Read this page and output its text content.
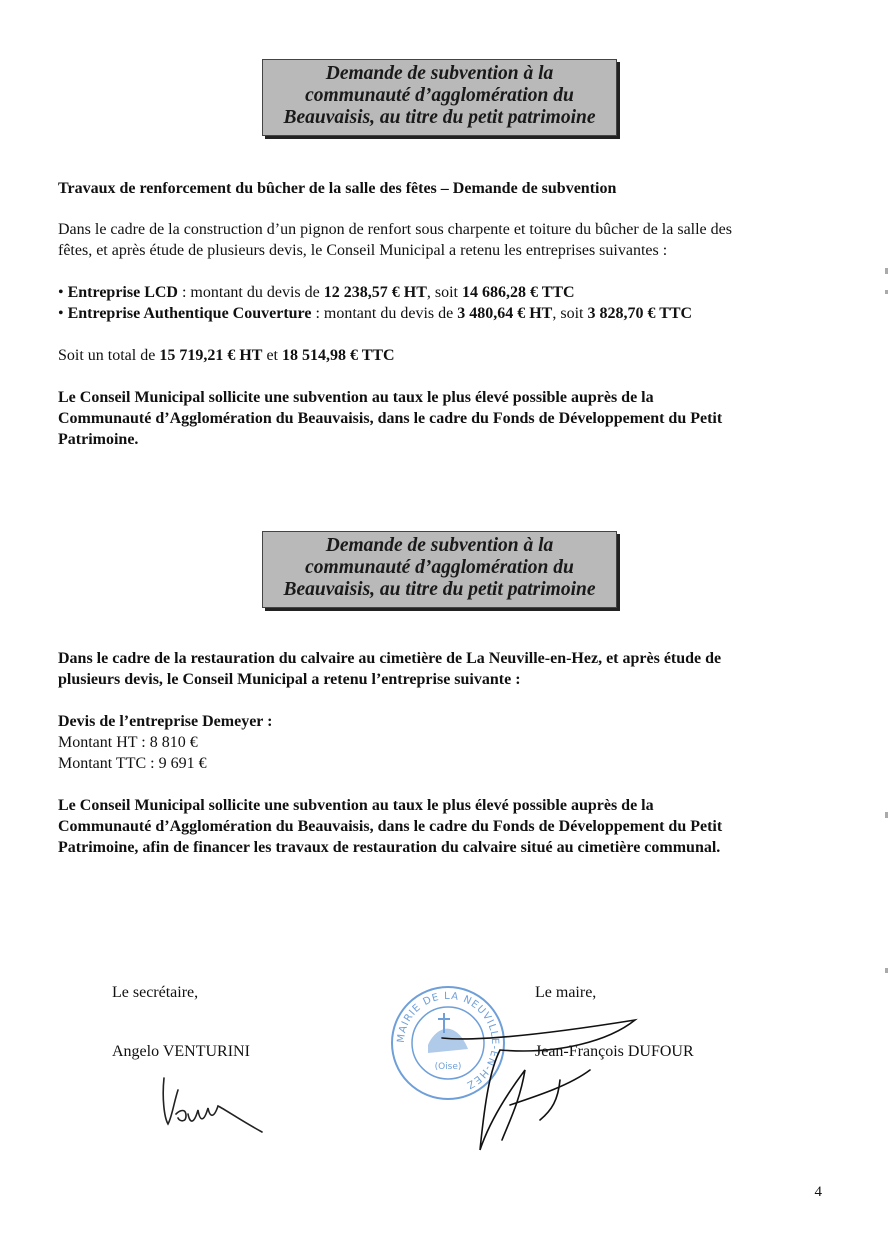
Demande de subvention à la
communauté d’agglomération du
Beauvaisis, au titre du petit patrimoine

Travaux de renforcement du bûcher de la salle des fêtes – Demande de subvention

Dans le cadre de la construction d’un pignon de renfort sous charpente et toiture du bûcher de la salle des
fêtes, et après étude de plusieurs devis, le Conseil Municipal a retenu les entreprises suivantes :

• Entreprise LCD : montant du devis de 12 238,57 € HT, soit 14 686,28 € TTC

• Entreprise Authentique Couverture : montant du devis de 3 480,64 € HT, soit 3 828,70 € TTC

Soit un total de 15 719,21 € HT et 18 514,98 € TTC

Le Conseil Municipal sollicite une subvention au taux le plus élevé possible auprès de la
Communauté d’Agglomération du Beauvaisis, dans le cadre du Fonds de Développement du Petit
Patrimoine.

Demande de subvention à la
communauté d’agglomération du
Beauvaisis, au titre du petit patrimoine

Dans le cadre de la restauration du calvaire au cimetière de La Neuville-en-Hez, et après étude de
plusieurs devis, le Conseil Municipal a retenu l’entreprise suivante :

Devis de l’entreprise Demeyer :

Montant HT : 8 810 €

Montant TTC : 9 691 €

Le Conseil Municipal sollicite une subvention au taux le plus élevé possible auprès de la
Communauté d’Agglomération du Beauvaisis, dans le cadre du Fonds de Développement du Petit
Patrimoine, afin de financer les travaux de restauration du calvaire situé au cimetière communal.

Le secrétaire,
Angelo VENTURINI
Le maire,
Jean-François DUFOUR
MAIRIE DE LA NEUVILLE-EN-HEZ
(Oise)
4
